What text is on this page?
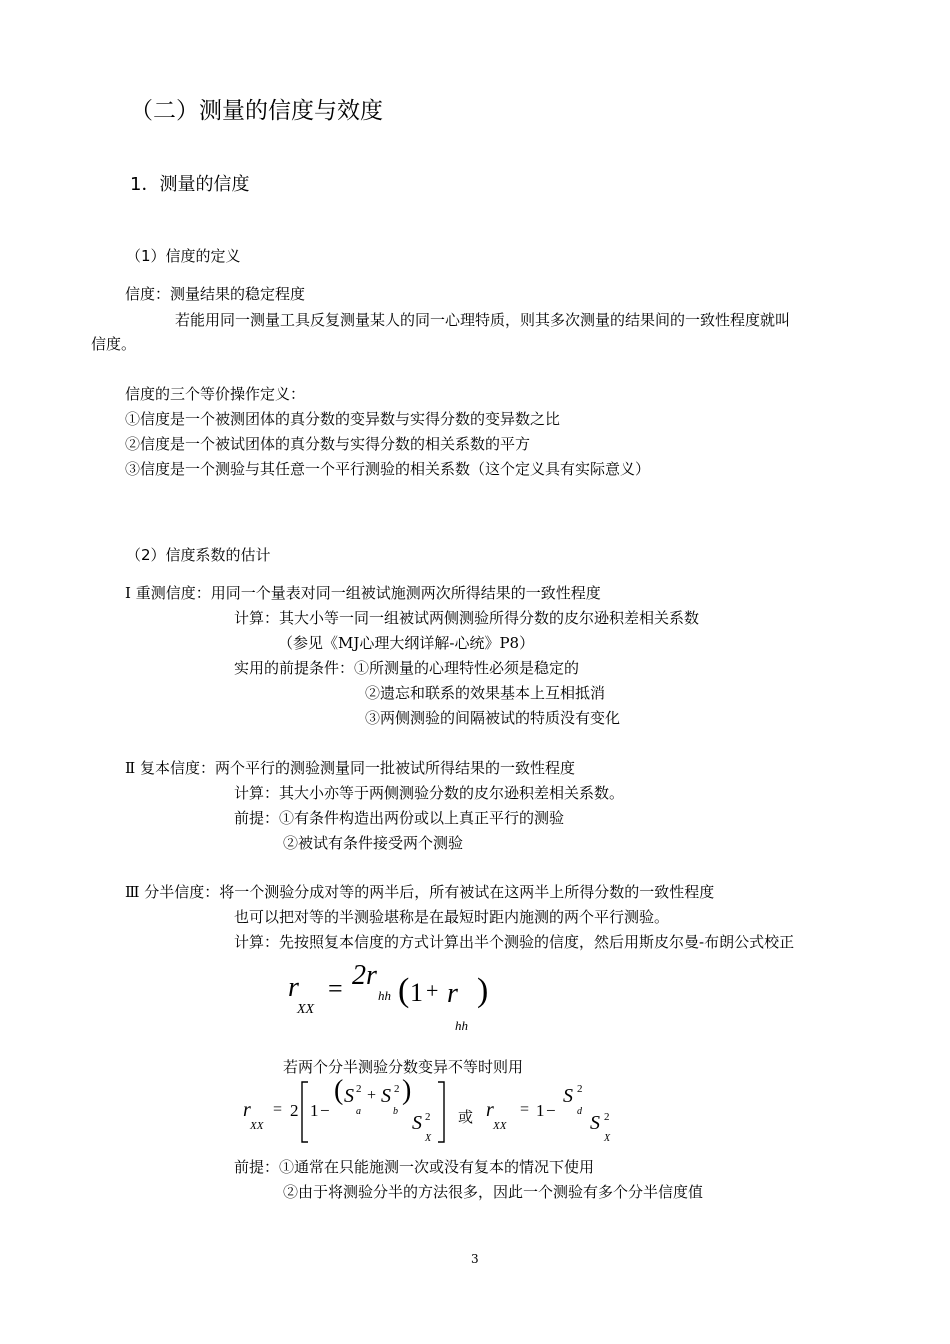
（二）测量的信度与效度
1．测量的信度
（1）信度的定义
信度：测量结果的稳定程度
若能用同一测量工具反复测量某人的同一心理特质，则其多次测量的结果间的一致性程度就叫
信度。
信度的三个等价操作定义：
①信度是一个被测团体的真分数的变异数与实得分数的变异数之比
②信度是一个被试团体的真分数与实得分数的相关系数的平方
③信度是一个测验与其任意一个平行测验的相关系数（这个定义具有实际意义）
（2）信度系数的估计
Ⅰ 重测信度：用同一个量表对同一组被试施测两次所得结果的一致性程度
计算：其大小等一同一组被试两侧测验所得分数的皮尔逊积差相关系数
（参见《MJ心理大纲详解-心统》P8）
实用的前提条件：①所测量的心理特性必须是稳定的
②遗忘和联系的效果基本上互相抵消
③两侧测验的间隔被试的特质没有变化
Ⅱ 复本信度：两个平行的测验测量同一批被试所得结果的一致性程度
计算：其大小亦等于两侧测验分数的皮尔逊积差相关系数。
前提：①有条件构造出两份或以上真正平行的测验
②被试有条件接受两个测验
Ⅲ 分半信度：将一个测验分成对等的两半后，所有被试在这两半上所得分数的一致性程度
也可以把对等的半测验堪称是在最短时距内施测的两个平行测验。
计算：先按照复本信度的方式计算出半个测验的信度，然后用斯皮尔曼-布朗公式校正
r
XX
= 2r
hh ( 1 + r
hh
)
若两个分半测验分数变异不等时则用
r
XX
= 2 1 −
( S 2
a
+ S 2
b
)
S 2
X
或 r
XX
= 1 −
S 2
d
S 2
X
前提：①通常在只能施测一次或没有复本的情况下使用
②由于将测验分半的方法很多，因此一个测验有多个分半信度值
3
